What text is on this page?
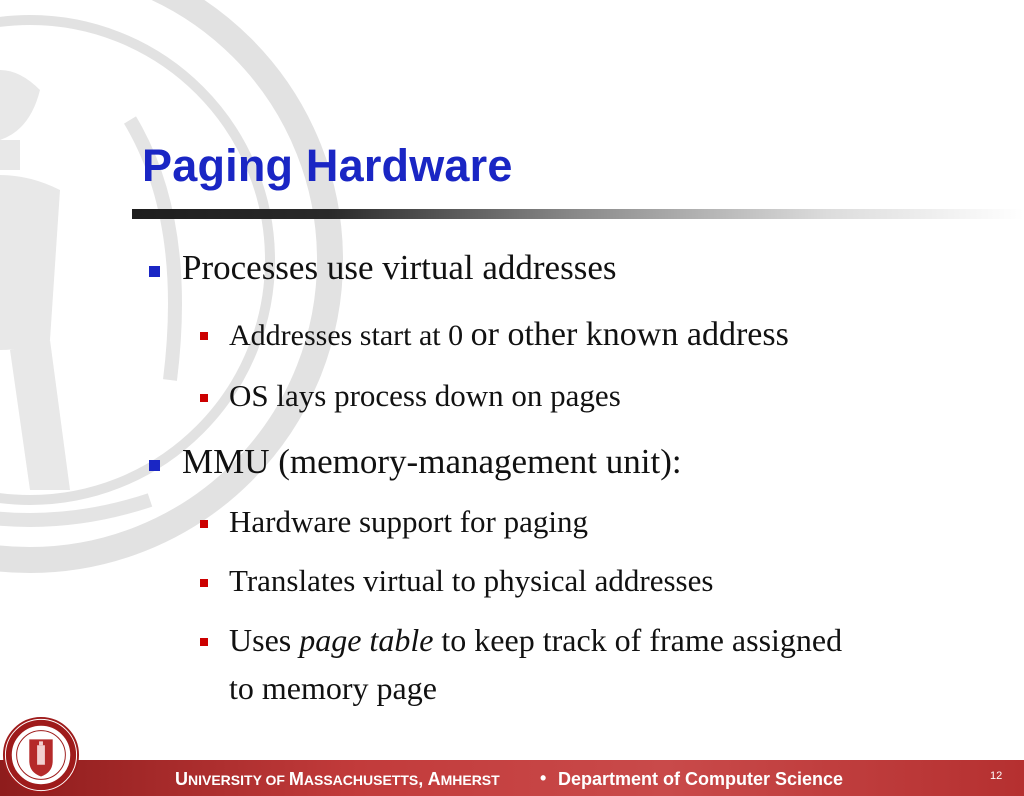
Paging Hardware
Processes use virtual addresses
Addresses start at 0 or other known address
OS lays process down on pages
MMU (memory-management unit):
Hardware support for paging
Translates virtual to physical addresses
Uses page table to keep track of frame assigned
to memory page
UNIVERSITY OF MASSACHUSETTS, AMHERST • Department of Computer Science	12
